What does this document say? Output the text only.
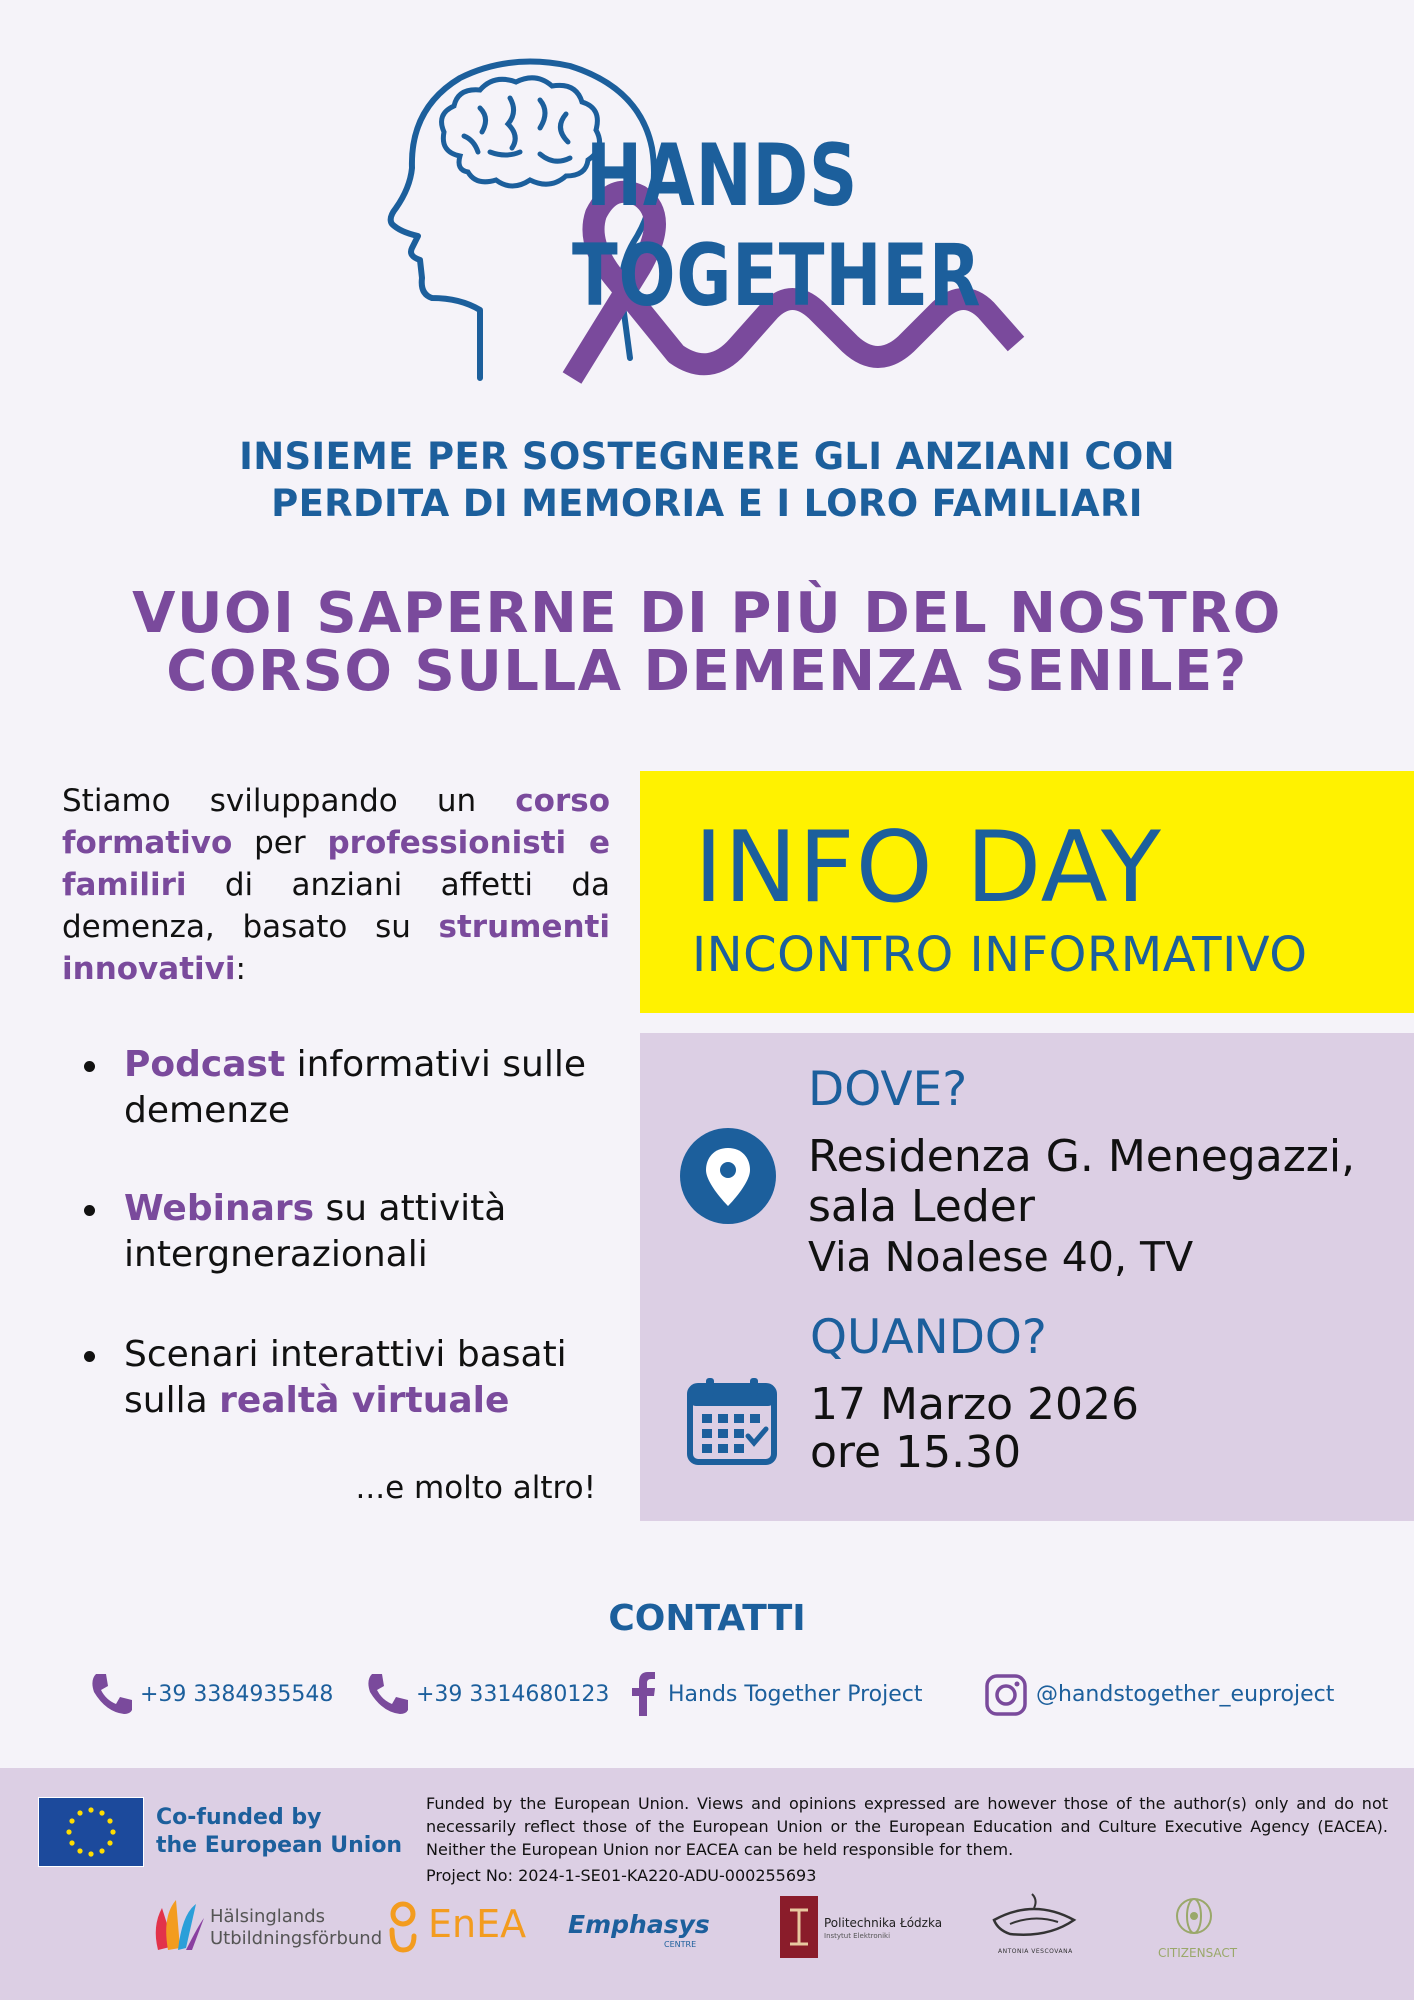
HANDS
TOGETHER
INSIEME PER SOSTEGNERE GLI ANZIANI CON
PERDITA DI MEMORIA E I LORO FAMILIARI
VUOI SAPERNE DI PIÙ DEL NOSTRO
CORSO SULLA DEMENZA SENILE?
Stiamo sviluppando un corso formativo per professionisti e familiri di anziani affetti da demenza, basato su strumenti innovativi:
Podcast informativi sulle demenze
Webinars su attività intergnerazionali
Scenari interattivi basati sulla realtà virtuale
...e molto altro!
INFO DAY
INCONTRO INFORMATIVO
DOVE?
Residenza G. Menegazzi,
sala Leder
Via Noalese 40, TV
QUANDO?
17 Marzo 2026
ore 15.30
CONTATTI
+39 3384935548	+39 3314680123	Hands Together Project	@handstogether_euproject
Co-funded by
the European Union
Funded by the European Union. Views and opinions expressed are however those of the author(s) only and do not necessarily reflect those of the European Union or the European Education and Culture Executive Agency (EACEA). Neither the European Union nor EACEA can be held responsible for them.
Project No: 2024-1-SE01-KA220-ADU-000255693
Hälsinglands
Utbildningsförbund EnEA Emphasys
CENTRE
Politechnika Łódzka
Instytut Elektroniki
ANTONIA VESCOVANA	CITIZENSACT
